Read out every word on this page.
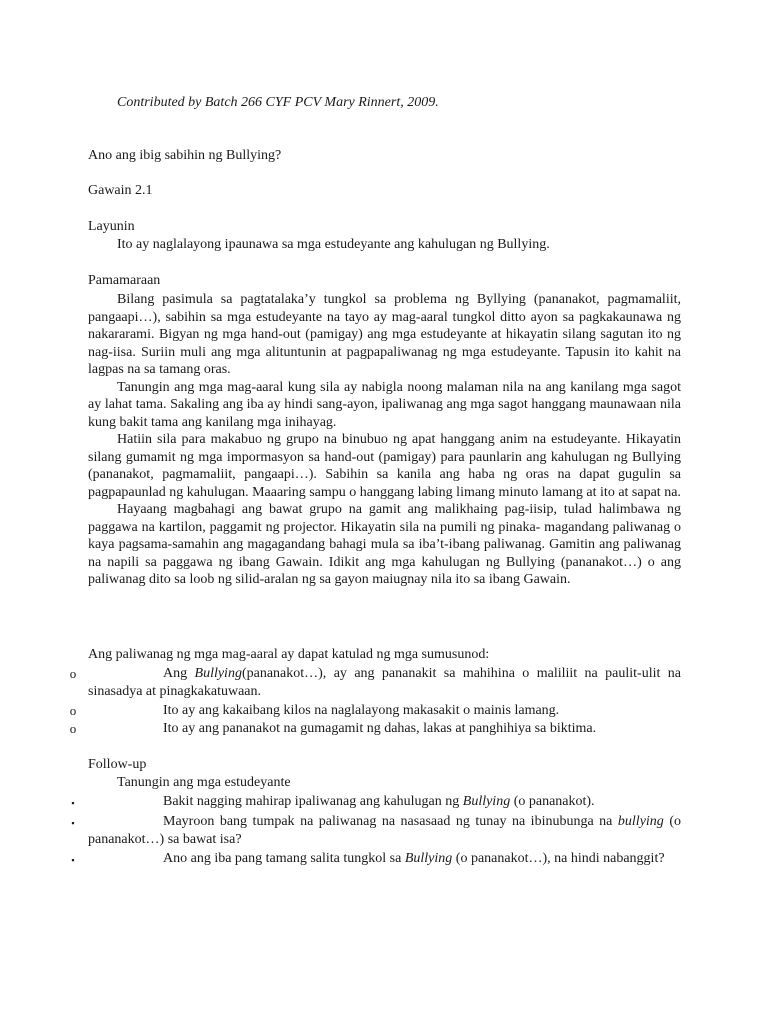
Contributed by Batch 266 CYF PCV Mary Rinnert, 2009.
Ano ang ibig sabihin ng Bullying?
Gawain 2.1
Layunin
Ito ay naglalayong ipaunawa sa mga estudeyante ang kahulugan ng Bullying.
Pamamaraan

Bilang pasimula sa pagtatalaka’y tungkol sa problema ng Byllying (pananakot, pagmamaliit, pangaapi…), sabihin sa mga estudeyante na tayo ay mag-aaral tungkol ditto ayon sa pagkakaunawa ng nakararami. Bigyan ng mga hand-out (pamigay) ang mga estudeyante at hikayatin silang sagutan ito ng nag-iisa. Suriin muli ang mga alituntunin at pagpapaliwanag ng mga estudeyante. Tapusin ito kahit na lagpas na sa tamang oras.

Tanungin ang mga mag-aaral kung sila ay nabigla noong malaman nila na ang kanilang mga sagot ay lahat tama. Sakaling ang iba ay hindi sang-ayon, ipaliwanag ang mga sagot hanggang maunawaan nila kung bakit tama ang kanilang mga inihayag.

Hatiin sila para makabuo ng grupo na binubuo ng apat hanggang anim na estudeyante. Hikayatin silang gumamit ng mga impormasyon sa hand-out (pamigay) para paunlarin ang kahulugan ng Bullying (pananakot, pagmamaliit, pangaapi…). Sabihin sa kanila ang haba ng oras na dapat gugulin sa pagpapaunlad ng kahulugan. Maaaring sampu o hanggang labing limang minuto lamang at ito at sapat na.

Hayaang magbahagi ang bawat grupo na gamit ang malikhaing pag-iisip, tulad halimbawa ng paggawa na kartilon, paggamit ng projector. Hikayatin sila na pumili ng pinaka- magandang paliwanag o kaya pagsama-samahin ang magagandang bahagi mula sa iba’t-ibang paliwanag. Gamitin ang paliwanag na napili sa paggawa ng ibang Gawain. Idikit ang mga kahulugan ng Bullying (pananakot…) o ang paliwanag dito sa loob ng silid-aralan ng sa gayon maiugnay nila ito sa ibang Gawain.

Ang paliwanag ng mga mag-aaral ay dapat katulad ng mga sumusunod:
o	Ang Bullying(pananakot…), ay ang pananakit sa mahihina o maliliit na paulit-ulit na sinasadya at pinagkakatuwaan.
o	Ito ay ang kakaibang kilos na naglalayong makasakit o mainis lamang.
o	Ito ay ang pananakot na gumagamit ng dahas, lakas at panghihiya sa biktima.
Follow-up
Tanungin ang mga estudeyante
▪	Bakit nagging mahirap ipaliwanag ang kahulugan ng Bullying (o pananakot).
▪	Mayroon bang tumpak na paliwanag na nasasaad ng tunay na ibinubunga na bullying (o pananakot…) sa bawat isa?
▪	Ano ang iba pang tamang salita tungkol sa Bullying (o pananakot…), na hindi nabanggit?
